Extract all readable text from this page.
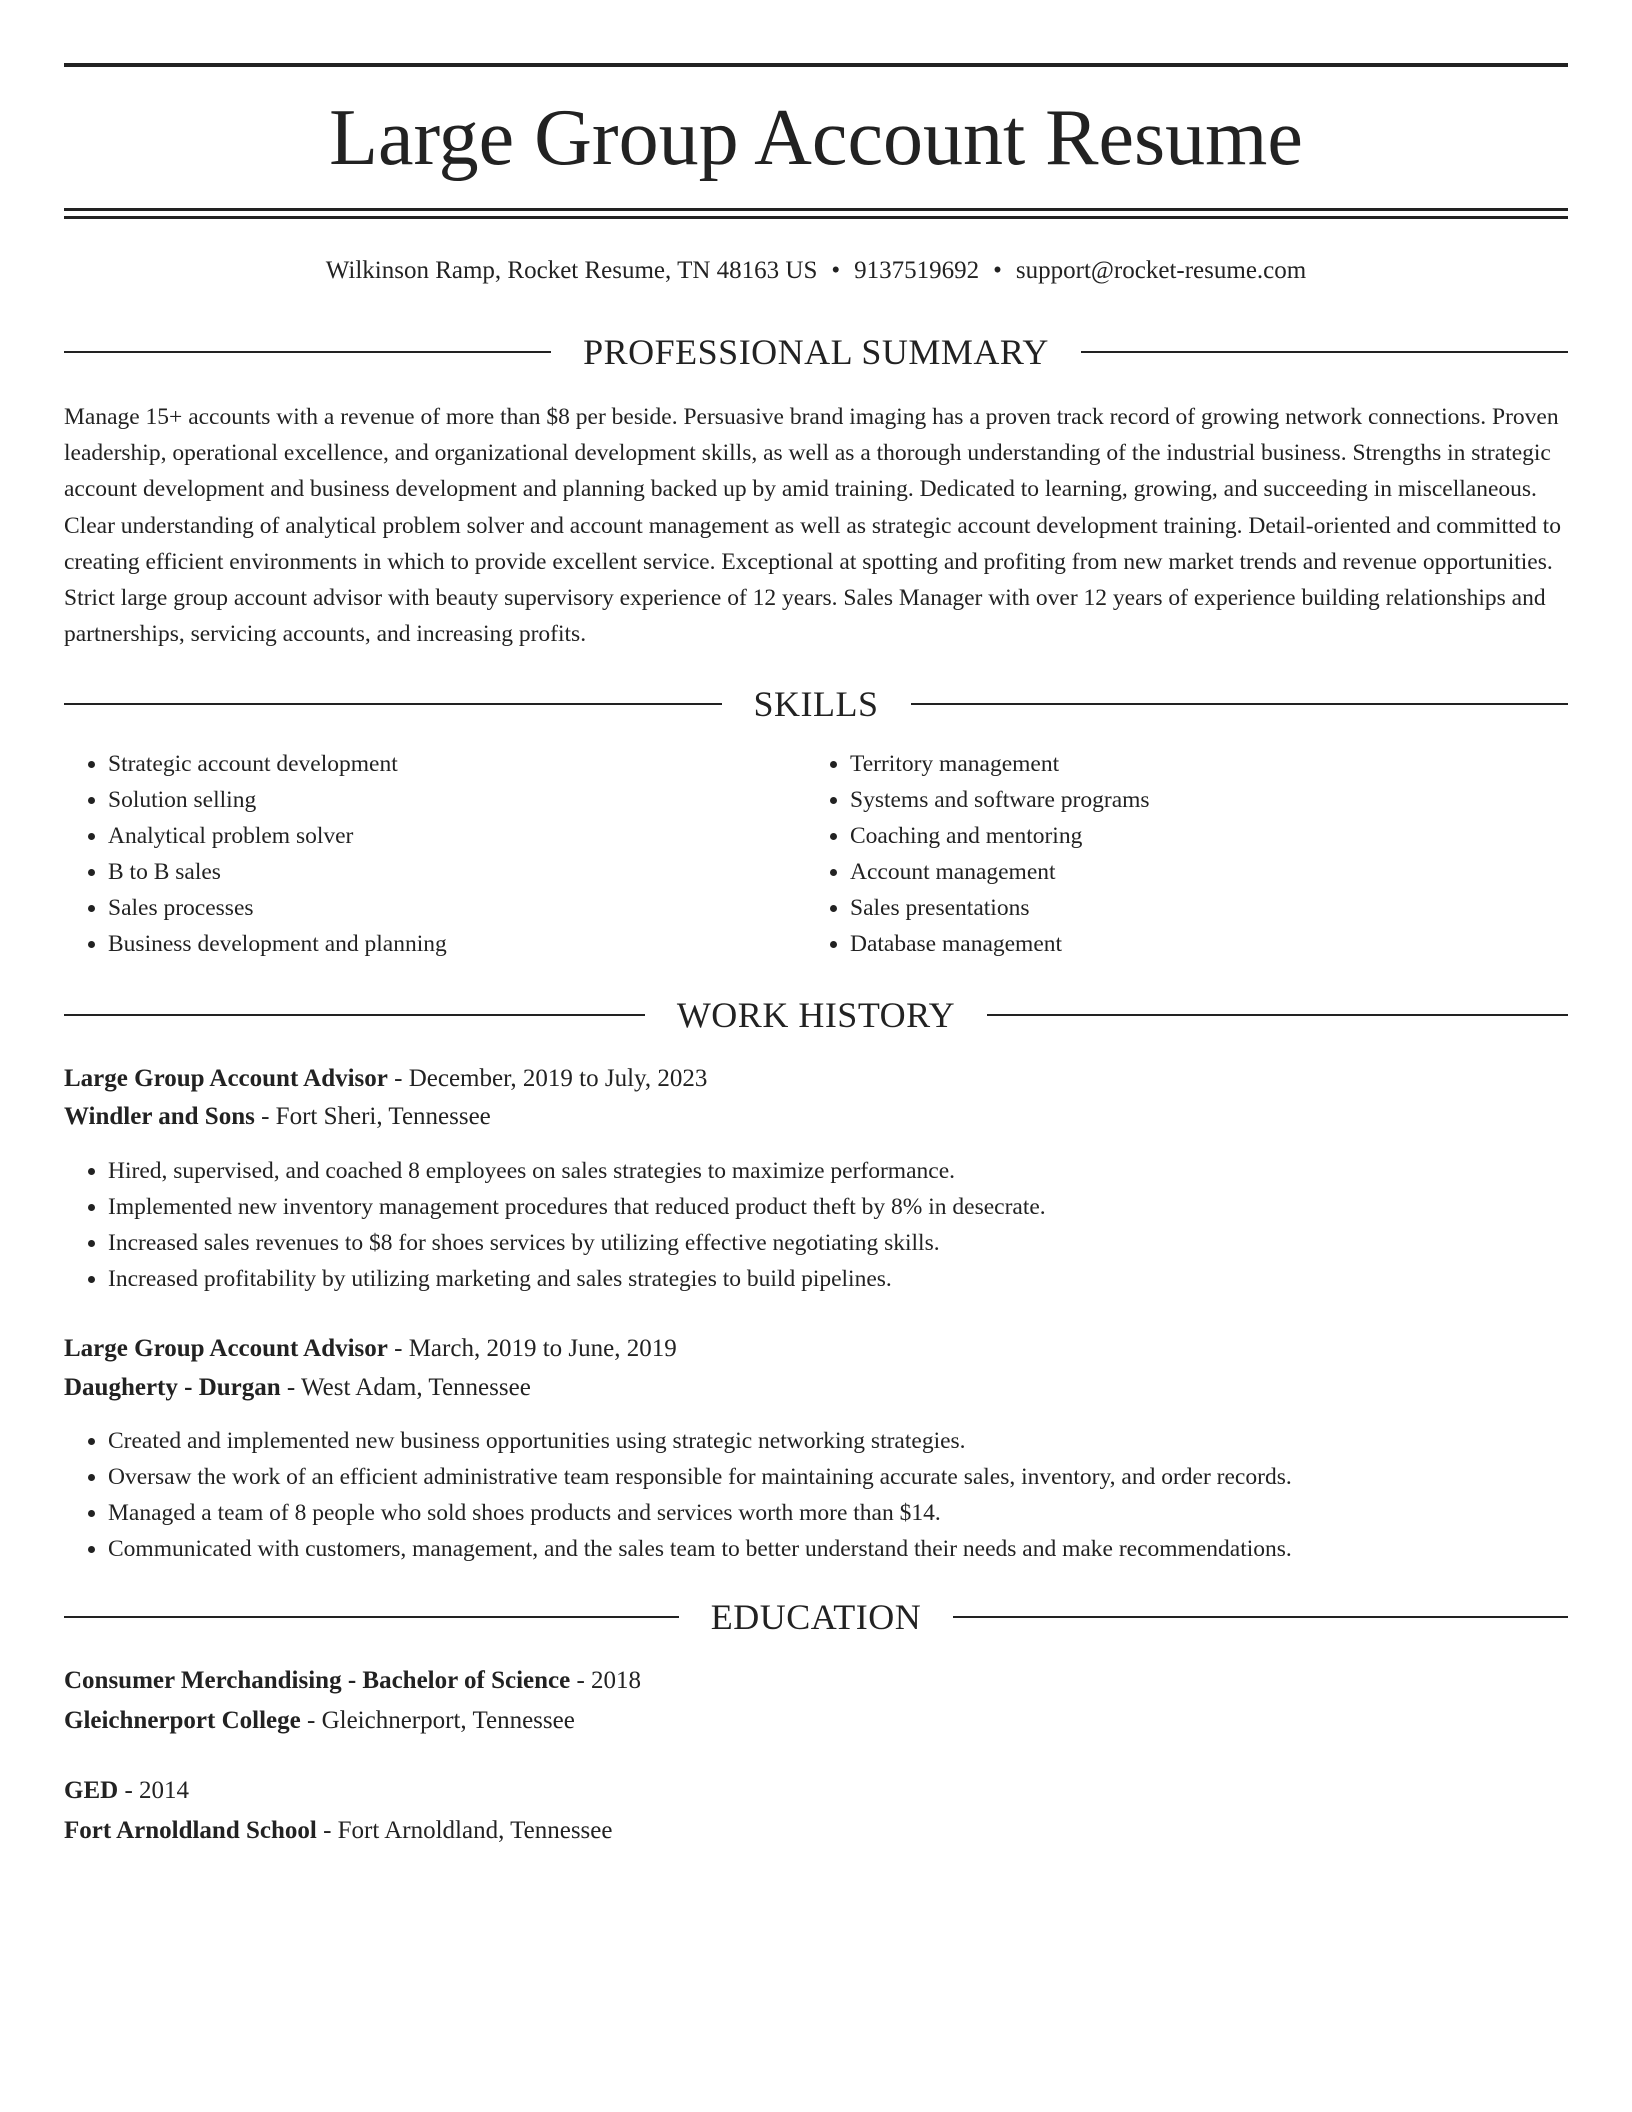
Large Group Account Resume
Wilkinson Ramp, Rocket Resume, TN 48163 US • 9137519692 • support@rocket-resume.com
PROFESSIONAL SUMMARY

Manage 15+ accounts with a revenue of more than $8 per beside. Persuasive brand imaging has a proven track record of growing network connections. Proven leadership, operational excellence, and organizational development skills, as well as a thorough understanding of the industrial business. Strengths in strategic account development and business development and planning backed up by amid training. Dedicated to learning, growing, and succeeding in miscellaneous. Clear understanding of analytical problem solver and account management as well as strategic account development training. Detail-oriented and committed to creating efficient environments in which to provide excellent service. Exceptional at spotting and profiting from new market trends and revenue opportunities. Strict large group account advisor with beauty supervisory experience of 12 years. Sales Manager with over 12 years of experience building relationships and partnerships, servicing accounts, and increasing profits.

SKILLS
• Strategic account development
• Solution selling
• Analytical problem solver
• B to B sales
• Sales processes
• Business development and planning
• Territory management
• Systems and software programs
• Coaching and mentoring
• Account management
• Sales presentations
• Database management
WORK HISTORY
Large Group Account Advisor - December, 2019 to July, 2023
Windler and Sons - Fort Sheri, Tennessee
• Hired, supervised, and coached 8 employees on sales strategies to maximize performance.
• Implemented new inventory management procedures that reduced product theft by 8% in desecrate.
• Increased sales revenues to $8 for shoes services by utilizing effective negotiating skills.
• Increased profitability by utilizing marketing and sales strategies to build pipelines.
Large Group Account Advisor - March, 2019 to June, 2019
Daugherty - Durgan - West Adam, Tennessee
• Created and implemented new business opportunities using strategic networking strategies.
• Oversaw the work of an efficient administrative team responsible for maintaining accurate sales, inventory, and order records.
• Managed a team of 8 people who sold shoes products and services worth more than $14.
• Communicated with customers, management, and the sales team to better understand their needs and make recommendations.
EDUCATION
Consumer Merchandising - Bachelor of Science - 2018
Gleichnerport College - Gleichnerport, Tennessee
GED - 2014
Fort Arnoldland School - Fort Arnoldland, Tennessee
